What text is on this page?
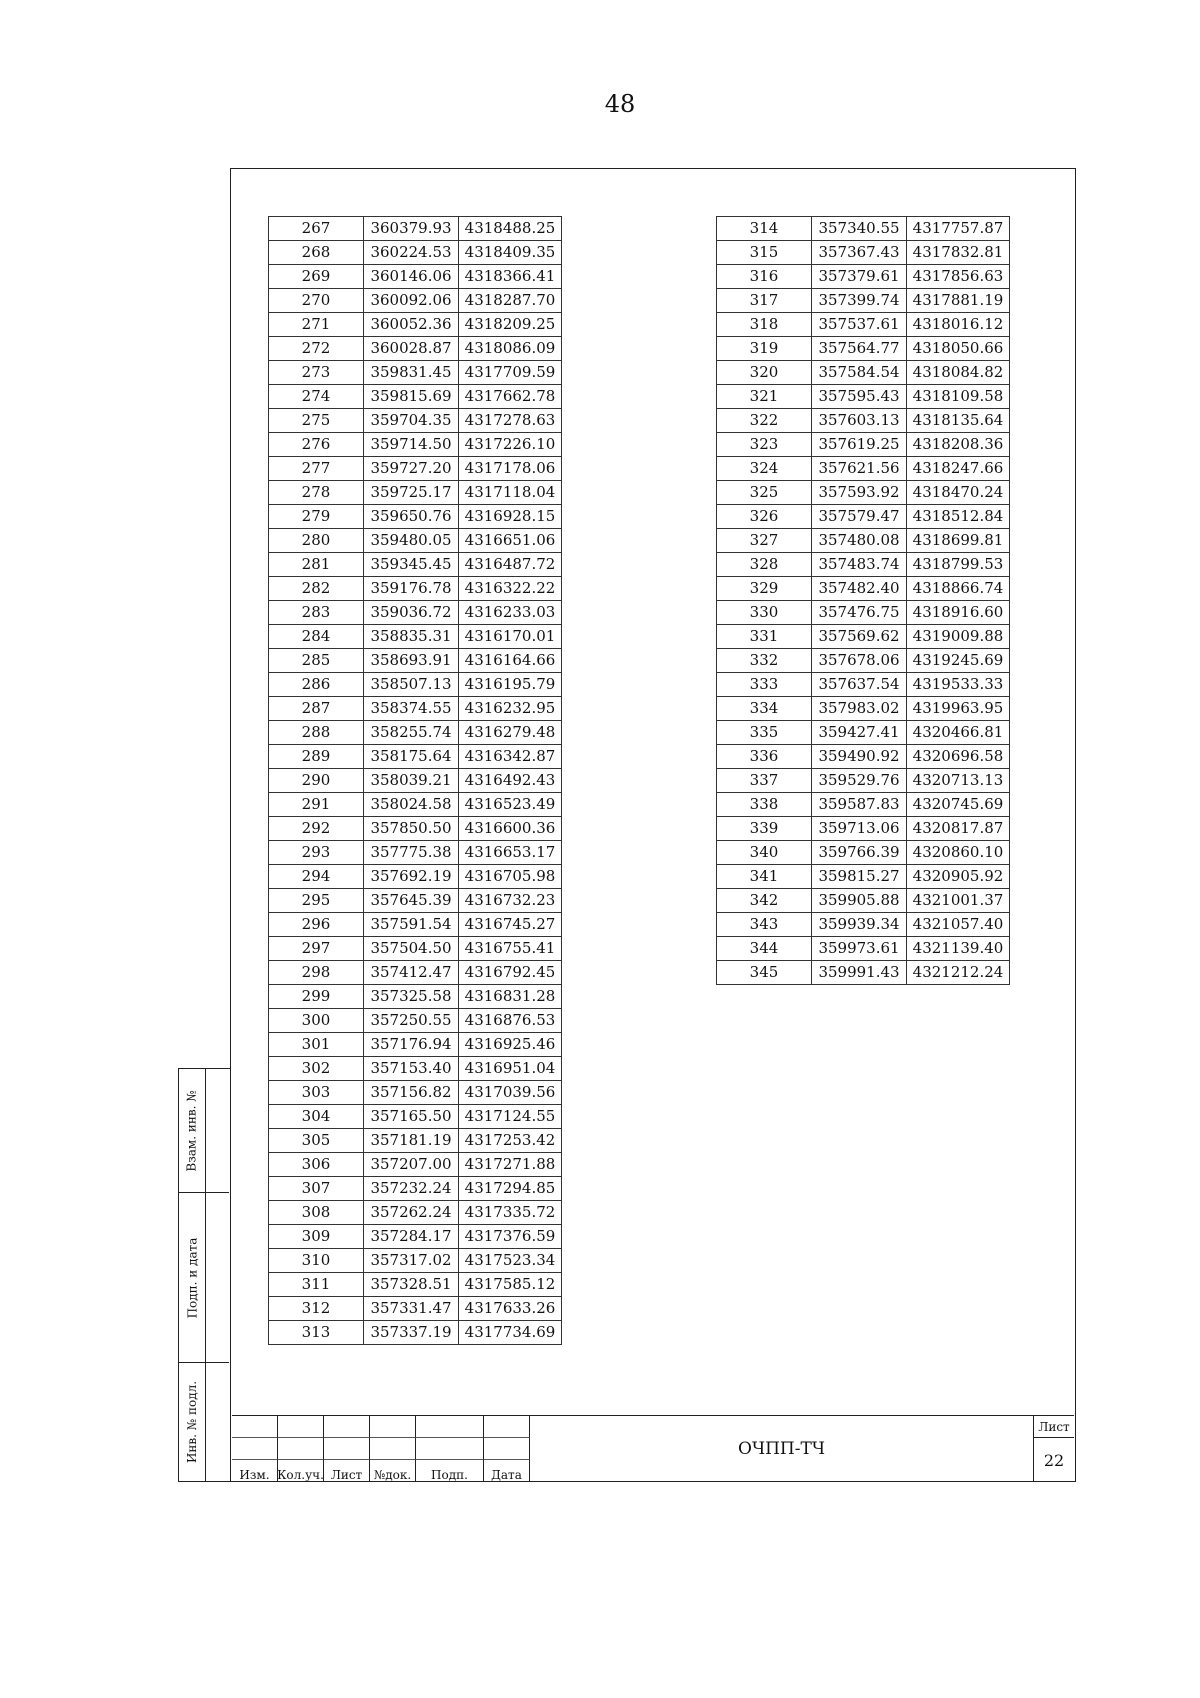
48
267	360379.93	4318488.25
268	360224.53	4318409.35
269	360146.06	4318366.41
270	360092.06	4318287.70
271	360052.36	4318209.25
272	360028.87	4318086.09
273	359831.45	4317709.59
274	359815.69	4317662.78
275	359704.35	4317278.63
276	359714.50	4317226.10
277	359727.20	4317178.06
278	359725.17	4317118.04
279	359650.76	4316928.15
280	359480.05	4316651.06
281	359345.45	4316487.72
282	359176.78	4316322.22
283	359036.72	4316233.03
284	358835.31	4316170.01
285	358693.91	4316164.66
286	358507.13	4316195.79
287	358374.55	4316232.95
288	358255.74	4316279.48
289	358175.64	4316342.87
290	358039.21	4316492.43
291	358024.58	4316523.49
292	357850.50	4316600.36
293	357775.38	4316653.17
294	357692.19	4316705.98
295	357645.39	4316732.23
296	357591.54	4316745.27
297	357504.50	4316755.41
298	357412.47	4316792.45
299	357325.58	4316831.28
300	357250.55	4316876.53
301	357176.94	4316925.46
302	357153.40	4316951.04
303	357156.82	4317039.56
304	357165.50	4317124.55
305	357181.19	4317253.42
306	357207.00	4317271.88
307	357232.24	4317294.85
308	357262.24	4317335.72
309	357284.17	4317376.59
310	357317.02	4317523.34
311	357328.51	4317585.12
312	357331.47	4317633.26
313	357337.19	4317734.69
314	357340.55	4317757.87
315	357367.43	4317832.81
316	357379.61	4317856.63
317	357399.74	4317881.19
318	357537.61	4318016.12
319	357564.77	4318050.66
320	357584.54	4318084.82
321	357595.43	4318109.58
322	357603.13	4318135.64
323	357619.25	4318208.36
324	357621.56	4318247.66
325	357593.92	4318470.24
326	357579.47	4318512.84
327	357480.08	4318699.81
328	357483.74	4318799.53
329	357482.40	4318866.74
330	357476.75	4318916.60
331	357569.62	4319009.88
332	357678.06	4319245.69
333	357637.54	4319533.33
334	357983.02	4319963.95
335	359427.41	4320466.81
336	359490.92	4320696.58
337	359529.76	4320713.13
338	359587.83	4320745.69
339	359713.06	4320817.87
340	359766.39	4320860.10
341	359815.27	4320905.92
342	359905.88	4321001.37
343	359939.34	4321057.40
344	359973.61	4321139.40
345	359991.43	4321212.24
Взам. инв. №
Подп. и дата
Инв. № подл.
Изм. Кол.уч. Лист №док.	Подп.	Дата
ОЧПП-ТЧ
Лист
22
